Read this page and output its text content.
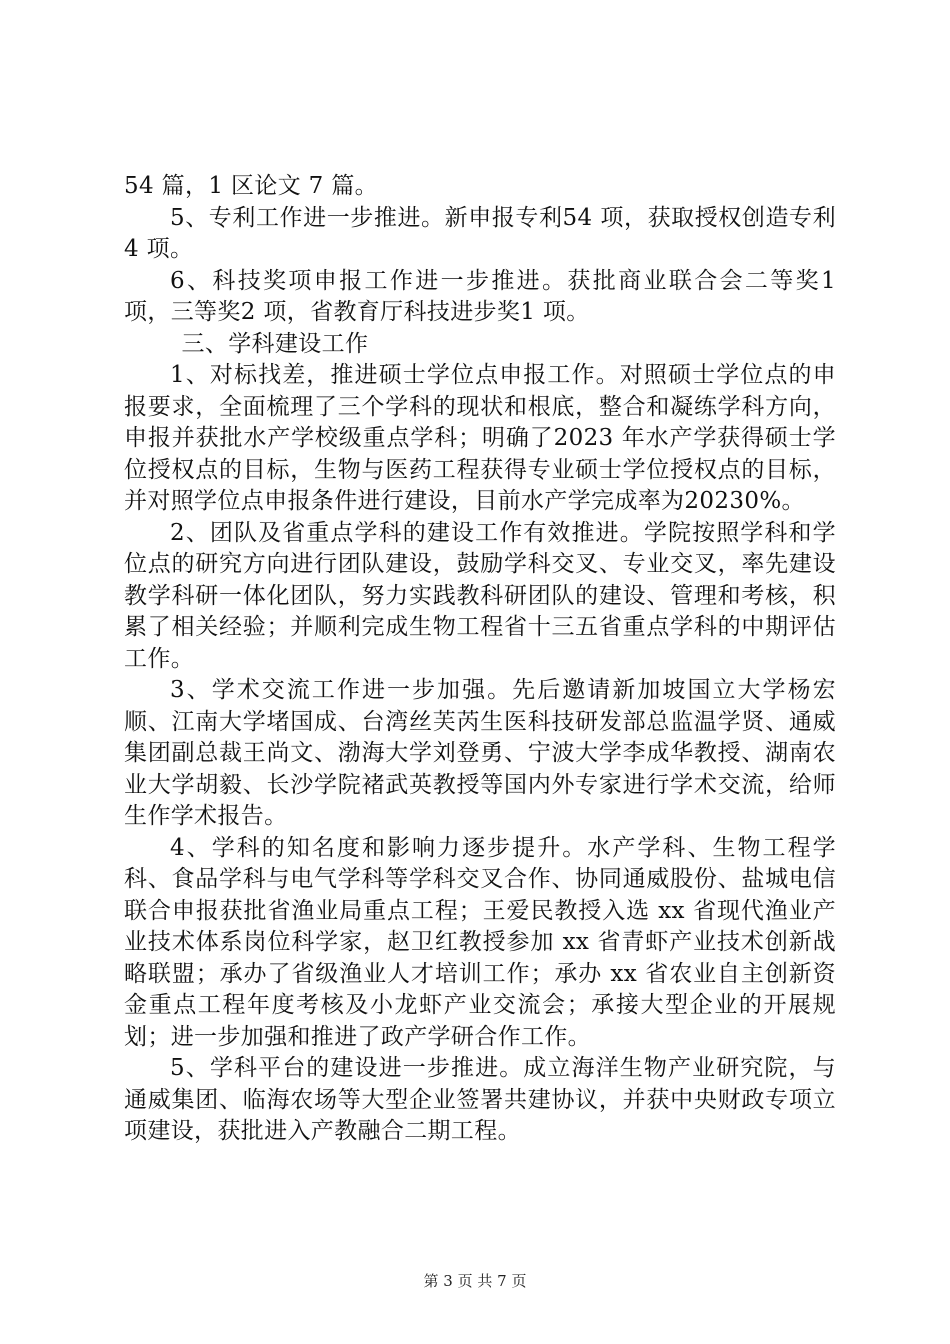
54 篇，1 区论文 7 篇。

5、专利工作进一步推进。新申报专利54 项，获取授权创造专利4 项。

6、科技奖项申报工作进一步推进。获批商业联合会二等奖1 项，三等奖2 项，省教育厅科技进步奖1 项。

三、学科建设工作

1、对标找差，推进硕士学位点申报工作。对照硕士学位点的申报要求，全面梳理了三个学科的现状和根底，整合和凝练学科方向，申报并获批水产学校级重点学科；明确了2023 年水产学获得硕士学位授权点的目标，生物与医药工程获得专业硕士学位授权点的目标，并对照学位点申报条件进行建设，目前水产学完成率为20230%。

2、团队及省重点学科的建设工作有效推进。学院按照学科和学位点的研究方向进行团队建设，鼓励学科交叉、专业交叉，率先建设教学科研一体化团队，努力实践教科研团队的建设、管理和考核，积累了相关经验；并顺利完成生物工程省十三五省重点学科的中期评估工作。

3、学术交流工作进一步加强。先后邀请新加坡国立大学杨宏顺、江南大学堵国成、台湾丝芙芮生医科技研发部总监温学贤、通威集团副总裁王尚文、渤海大学刘登勇、宁波大学李成华教授、湖南农业大学胡毅、长沙学院褚武英教授等国内外专家进行学术交流，给师生作学术报告。

4、学科的知名度和影响力逐步提升。水产学科、生物工程学科、食品学科与电气学科等学科交叉合作、协同通威股份、盐城电信联合申报获批省渔业局重点工程；王爱民教授入选 xx 省现代渔业产业技术体系岗位科学家，赵卫红教授参加 xx 省青虾产业技术创新战略联盟；承办了省级渔业人才培训工作；承办 xx 省农业自主创新资金重点工程年度考核及小龙虾产业交流会；承接大型企业的开展规划；进一步加强和推进了政产学研合作工作。

5、学科平台的建设进一步推进。成立海洋生物产业研究院，与通威集团、临海农场等大型企业签署共建协议，并获中央财政专项立项建设，获批进入产教融合二期工程。

第 3 页 共 7 页
